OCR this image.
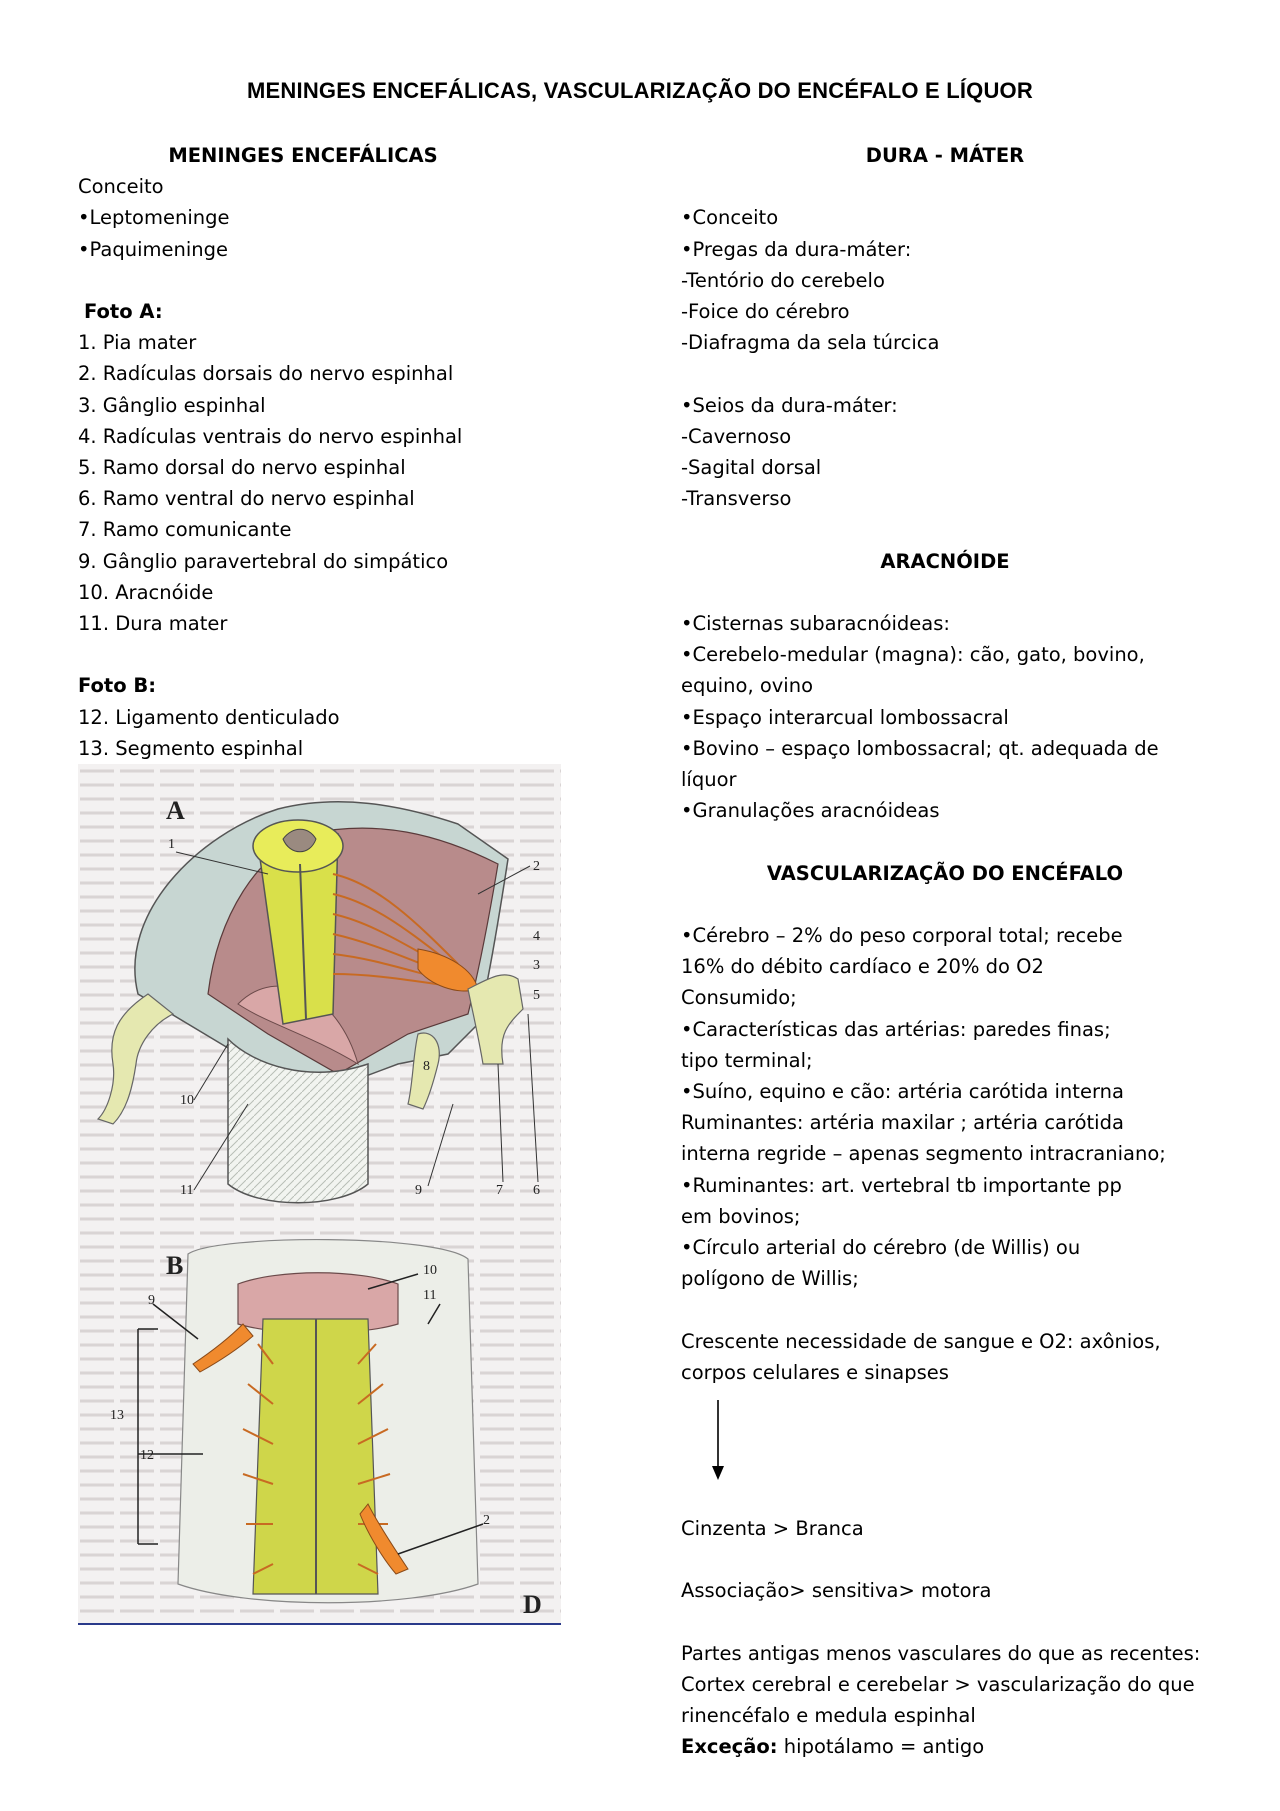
MENINGES ENCEFÁLICAS, VASCULARIZAÇÃO DO ENCÉFALO E LÍQUOR
MENINGES ENCEFÁLICAS
Conceito
•Leptomeninge
•Paquimeninge
Foto A:
1. Pia mater
2. Radículas dorsais do nervo espinhal
3. Gânglio espinhal
4. Radículas ventrais do nervo espinhal
5. Ramo dorsal do nervo espinhal
6. Ramo ventral do nervo espinhal
7. Ramo comunicante
9. Gânglio paravertebral do simpático
10. Aracnóide
11. Dura mater
Foto B:
12. Ligamento denticulado
13. Segmento espinhal
A
1
2
4
3
5
8
10
11	9	7 6
B	10
11
9
13
12
2
D
DURA - MÁTER
•Conceito
•Pregas da dura-máter:
-Tentório do cerebelo
-Foice do cérebro
-Diafragma da sela túrcica
•Seios da dura-máter:
-Cavernoso
-Sagital dorsal
-Transverso
ARACNÓIDE
•Cisternas subaracnóideas:
•Cerebelo-medular (magna): cão, gato, bovino,
equino, ovino
•Espaço interarcual lombossacral
•Bovino – espaço lombossacral; qt. adequada de
líquor
•Granulações aracnóideas
VASCULARIZAÇÃO DO ENCÉFALO
•Cérebro – 2% do peso corporal total; recebe
16% do débito cardíaco e 20% do O2
Consumido;
•Características das artérias: paredes finas;
tipo terminal;
•Suíno, equino e cão: artéria carótida interna
Ruminantes: artéria maxilar ; artéria carótida
interna regride – apenas segmento intracraniano;
•Ruminantes: art. vertebral tb importante pp
em bovinos;
•Círculo arterial do cérebro (de Willis) ou
polígono de Willis;
Crescente necessidade de sangue e O2: axônios,
corpos celulares e sinapses
Cinzenta > Branca
Associação> sensitiva> motora
Partes antigas menos vasculares do que as recentes:
Cortex cerebral e cerebelar > vascularização do que
rinencéfalo e medula espinhal
Exceção: hipotálamo = antigo
